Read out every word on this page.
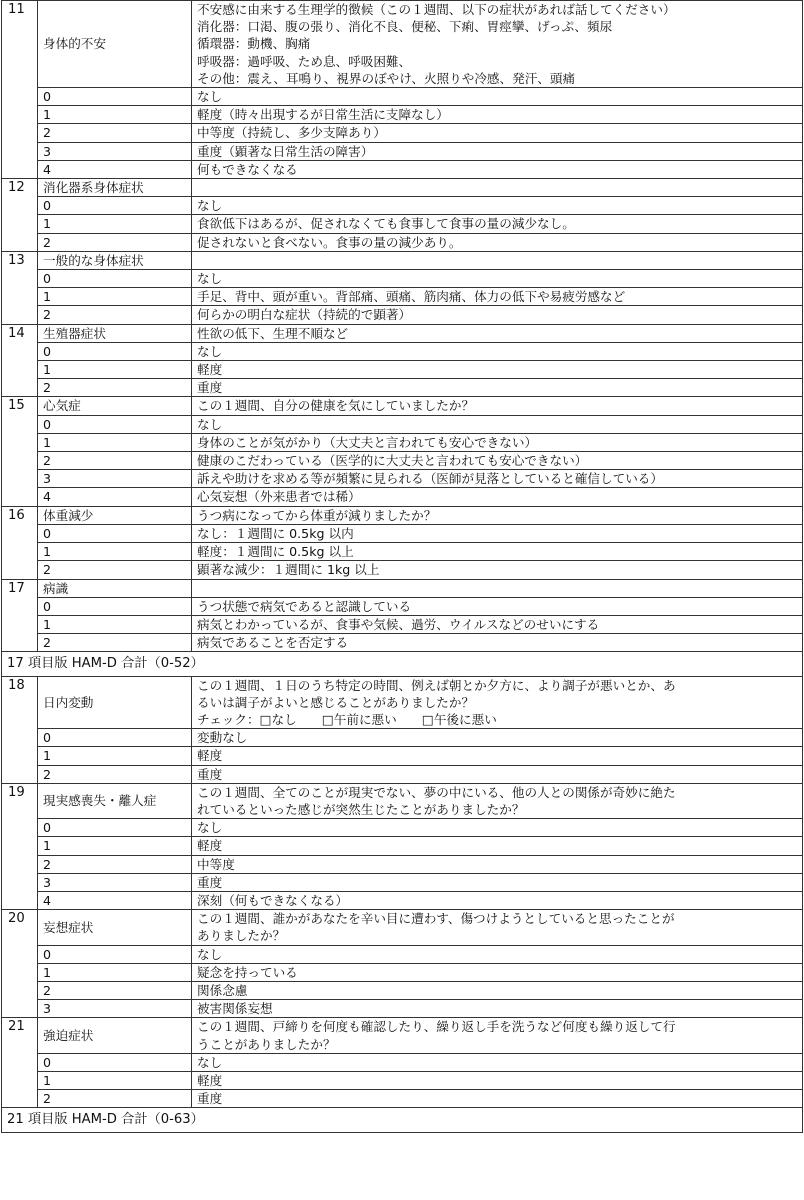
11	身体的不安	不安感に由来する生理学的徴候（この１週間、以下の症状があれば話してください）
消化器：口渇、腹の張り、消化不良、便秘、下痢、胃痙攣、げっぷ、頻尿
循環器：動機、胸痛
呼吸器：過呼吸、ため息、呼吸困難、
その他：震え、耳鳴り、視界のぼやけ、火照りや冷感、発汗、頭痛

	0	なし
	1	軽度（時々出現するが日常生活に支障なし）
	2	中等度（持続し、多少支障あり）
	3	重度（顕著な日常生活の障害）
	4	何もできなくなる
12	消化器系身体症状	

	0	なし
	1	食欲低下はあるが、促されなくても食事して食事の量の減少なし。
	2	促されないと食べない。食事の量の減少あり。
13	一般的な身体症状	

	0	なし
	1	手足、背中、頭が重い。背部痛、頭痛、筋肉痛、体力の低下や易疲労感など
	2	何らかの明白な症状（持続的で顕著）
14	生殖器症状	性欲の低下、生理不順など

	0	なし
	1	軽度
	2	重度
15	心気症	この１週間、自分の健康を気にしていましたか？

	0	なし
	1	身体のことが気がかり（大丈夫と言われても安心できない）
	2	健康のこだわっている（医学的に大丈夫と言われても安心できない）
	3	訴えや助けを求める等が頻繁に見られる（医師が見落としていると確信している）
	4	心気妄想（外来患者では稀）
16	体重減少	うつ病になってから体重が減りましたか？

	0	なし：１週間に 0.5kg 以内
	1	軽度：１週間に 0.5kg 以上
	2	顕著な減少：１週間に 1kg 以上
17	病識	

	0	うつ状態で病気であると認識している
	1	病気とわかっているが、食事や気候、過労、ウイルスなどのせいにする
	2	病気であることを否定する
17 項目版 HAM-D 合計（0-52）		
18	日内変動	この１週間、１日のうち特定の時間、例えば朝とか夕方に、より調子が悪いとか、あ
るいは調子がよいと感じることがありましたか？
チェック：□なし　　□午前に悪い　　□午後に悪い

	0	変動なし
	1	軽度
	2	重度
19	現実感喪失・離人症	この１週間、全てのことが現実でない、夢の中にいる、他の人との関係が奇妙に絶た
れているといった感じが突然生じたことがありましたか？

	0	なし
	1	軽度
	2	中等度
	3	重度
	4	深刻（何もできなくなる）
20	妄想症状	この１週間、誰かがあなたを辛い目に遭わす、傷つけようとしていると思ったことが
ありましたか？

	0	なし
	1	疑念を持っている
	2	関係念慮
	3	被害関係妄想
21	強迫症状	この１週間、戸締りを何度も確認したり、繰り返し手を洗うなど何度も繰り返して行
うことがありましたか？

	0	なし
	1	軽度
	2	重度
21 項目版 HAM-D 合計（0-63）		
